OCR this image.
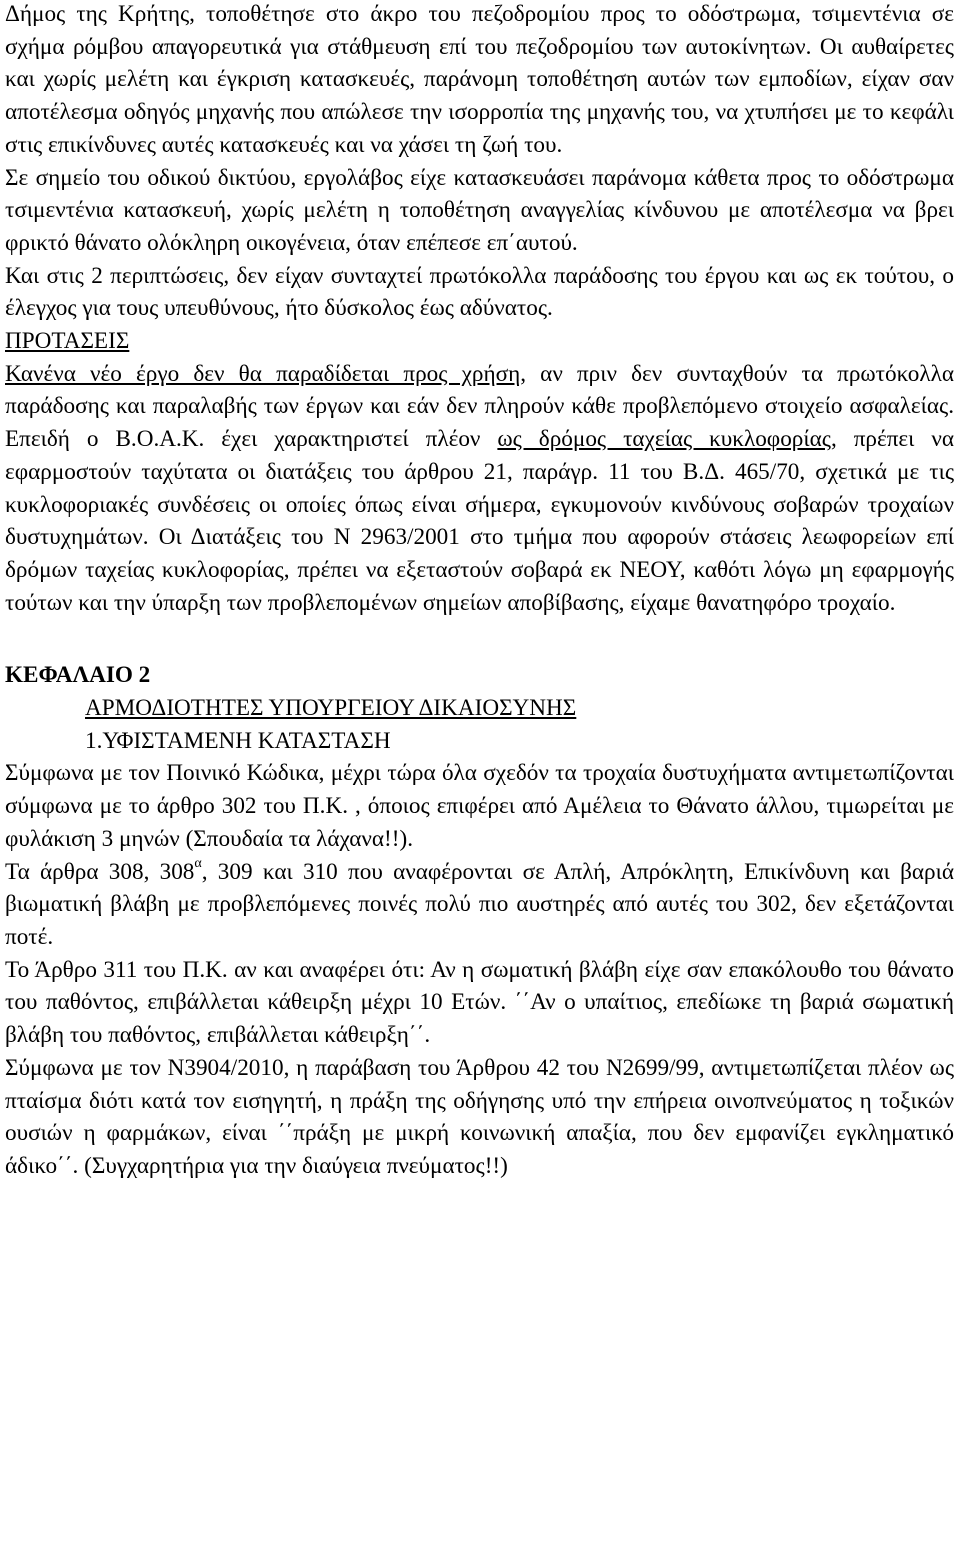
Δήμος της Κρήτης, τοποθέτησε στο άκρο του πεζοδρομίου προς το οδόστρωμα, τσιμεντένια σε σχήμα ρόμβου απαγορευτικά για στάθμευση επί του πεζοδρομίου των αυτοκίνητων. Οι αυθαίρετες και χωρίς μελέτη και έγκριση κατασκευές, παράνομη τοποθέτηση αυτών των εμποδίων, είχαν σαν αποτέλεσμα οδηγός μηχανής που απώλεσε την ισορροπία της μηχανής του, να χτυπήσει με το κεφάλι στις επικίνδυνες αυτές κατασκευές και να χάσει τη ζωή του.

Σε σημείο του οδικού δικτύου, εργολάβος είχε κατασκευάσει παράνομα κάθετα προς το οδόστρωμα τσιμεντένια κατασκευή, χωρίς μελέτη η τοποθέτηση αναγγελίας κίνδυνου με αποτέλεσμα να βρει φρικτό θάνατο ολόκληρη οικογένεια, όταν επέπεσε επ΄αυτού.

Και στις 2 περιπτώσεις, δεν είχαν συνταχτεί πρωτόκολλα παράδοσης του έργου και ως εκ τούτου, ο έλεγχος για τους υπευθύνους, ήτο δύσκολος έως αδύνατος.

ΠΡΟΤΑΣΕΙΣ

Κανένα νέο έργο δεν θα παραδίδεται προς χρήση, αν πριν δεν συνταχθούν τα πρωτόκολλα παράδοσης και παραλαβής των έργων και εάν δεν πληρούν κάθε προβλεπόμενο στοιχείο ασφαλείας. Επειδή ο Β.Ο.Α.Κ. έχει χαρακτηριστεί πλέον ως δρόμος ταχείας κυκλοφορίας, πρέπει να εφαρμοστούν ταχύτατα οι διατάξεις του άρθρου 21, παράγρ. 11 του Β.Δ. 465/70, σχετικά με τις κυκλοφοριακές συνδέσεις οι οποίες όπως είναι σήμερα, εγκυμονούν κινδύνους σοβαρών τροχαίων δυστυχημάτων. Οι Διατάξεις του Ν 2963/2001 στο τμήμα που αφορούν στάσεις λεωφορείων επί δρόμων ταχείας κυκλοφορίας, πρέπει να εξεταστούν σοβαρά εκ ΝΕΟΥ, καθότι λόγω μη εφαρμογής τούτων και την ύπαρξη των προβλεπομένων σημείων αποβίβασης, είχαμε θανατηφόρο τροχαίο.

ΚΕΦΑΛΑΙΟ 2

ΑΡΜΟΔΙΟΤΗΤΕΣ ΥΠΟΥΡΓΕΙΟΥ ΔΙΚΑΙΟΣΥΝΗΣ

1.ΥΦΙΣΤΑΜΕΝΗ ΚΑΤΑΣΤΑΣΗ

Σύμφωνα με τον Ποινικό Κώδικα, μέχρι τώρα όλα σχεδόν τα τροχαία δυστυχήματα αντιμετωπίζονται σύμφωνα με το άρθρο 302 του Π.Κ. , όποιος επιφέρει από Αμέλεια το Θάνατο άλλου, τιμωρείται με φυλάκιση 3 μηνών (Σπουδαία τα λάχανα!!).

Τα άρθρα 308, $308^\alpha$, 309 και 310 που αναφέρονται σε Απλή, Απρόκλητη, Επικίνδυνη και βαριά βιωματική βλάβη με προβλεπόμενες ποινές πολύ πιο αυστηρές από αυτές του 302, δεν εξετάζονται ποτέ.

Το Άρθρο 311 του Π.Κ. αν και αναφέρει ότι: Αν η σωματική βλάβη είχε σαν επακόλουθο του θάνατο του παθόντος, επιβάλλεται κάθειρξη μέχρι 10 Ετών. ΄΄Αν ο υπαίτιος, επεδίωκε τη βαριά σωματική βλάβη του παθόντος, επιβάλλεται κάθειρξη΄΄.

Σύμφωνα με τον Ν3904/2010, η παράβαση του Άρθρου 42 του Ν2699/99, αντιμετωπίζεται πλέον ως πταίσμα διότι κατά τον εισηγητή, η πράξη της οδήγησης υπό την επήρεια οινοπνεύματος η τοξικών ουσιών η φαρμάκων, είναι ΄΄πράξη με μικρή κοινωνική απαξία, που δεν εμφανίζει εγκληματικό άδικο΄΄. (Συγχαρητήρια για την διαύγεια πνεύματος!!)
